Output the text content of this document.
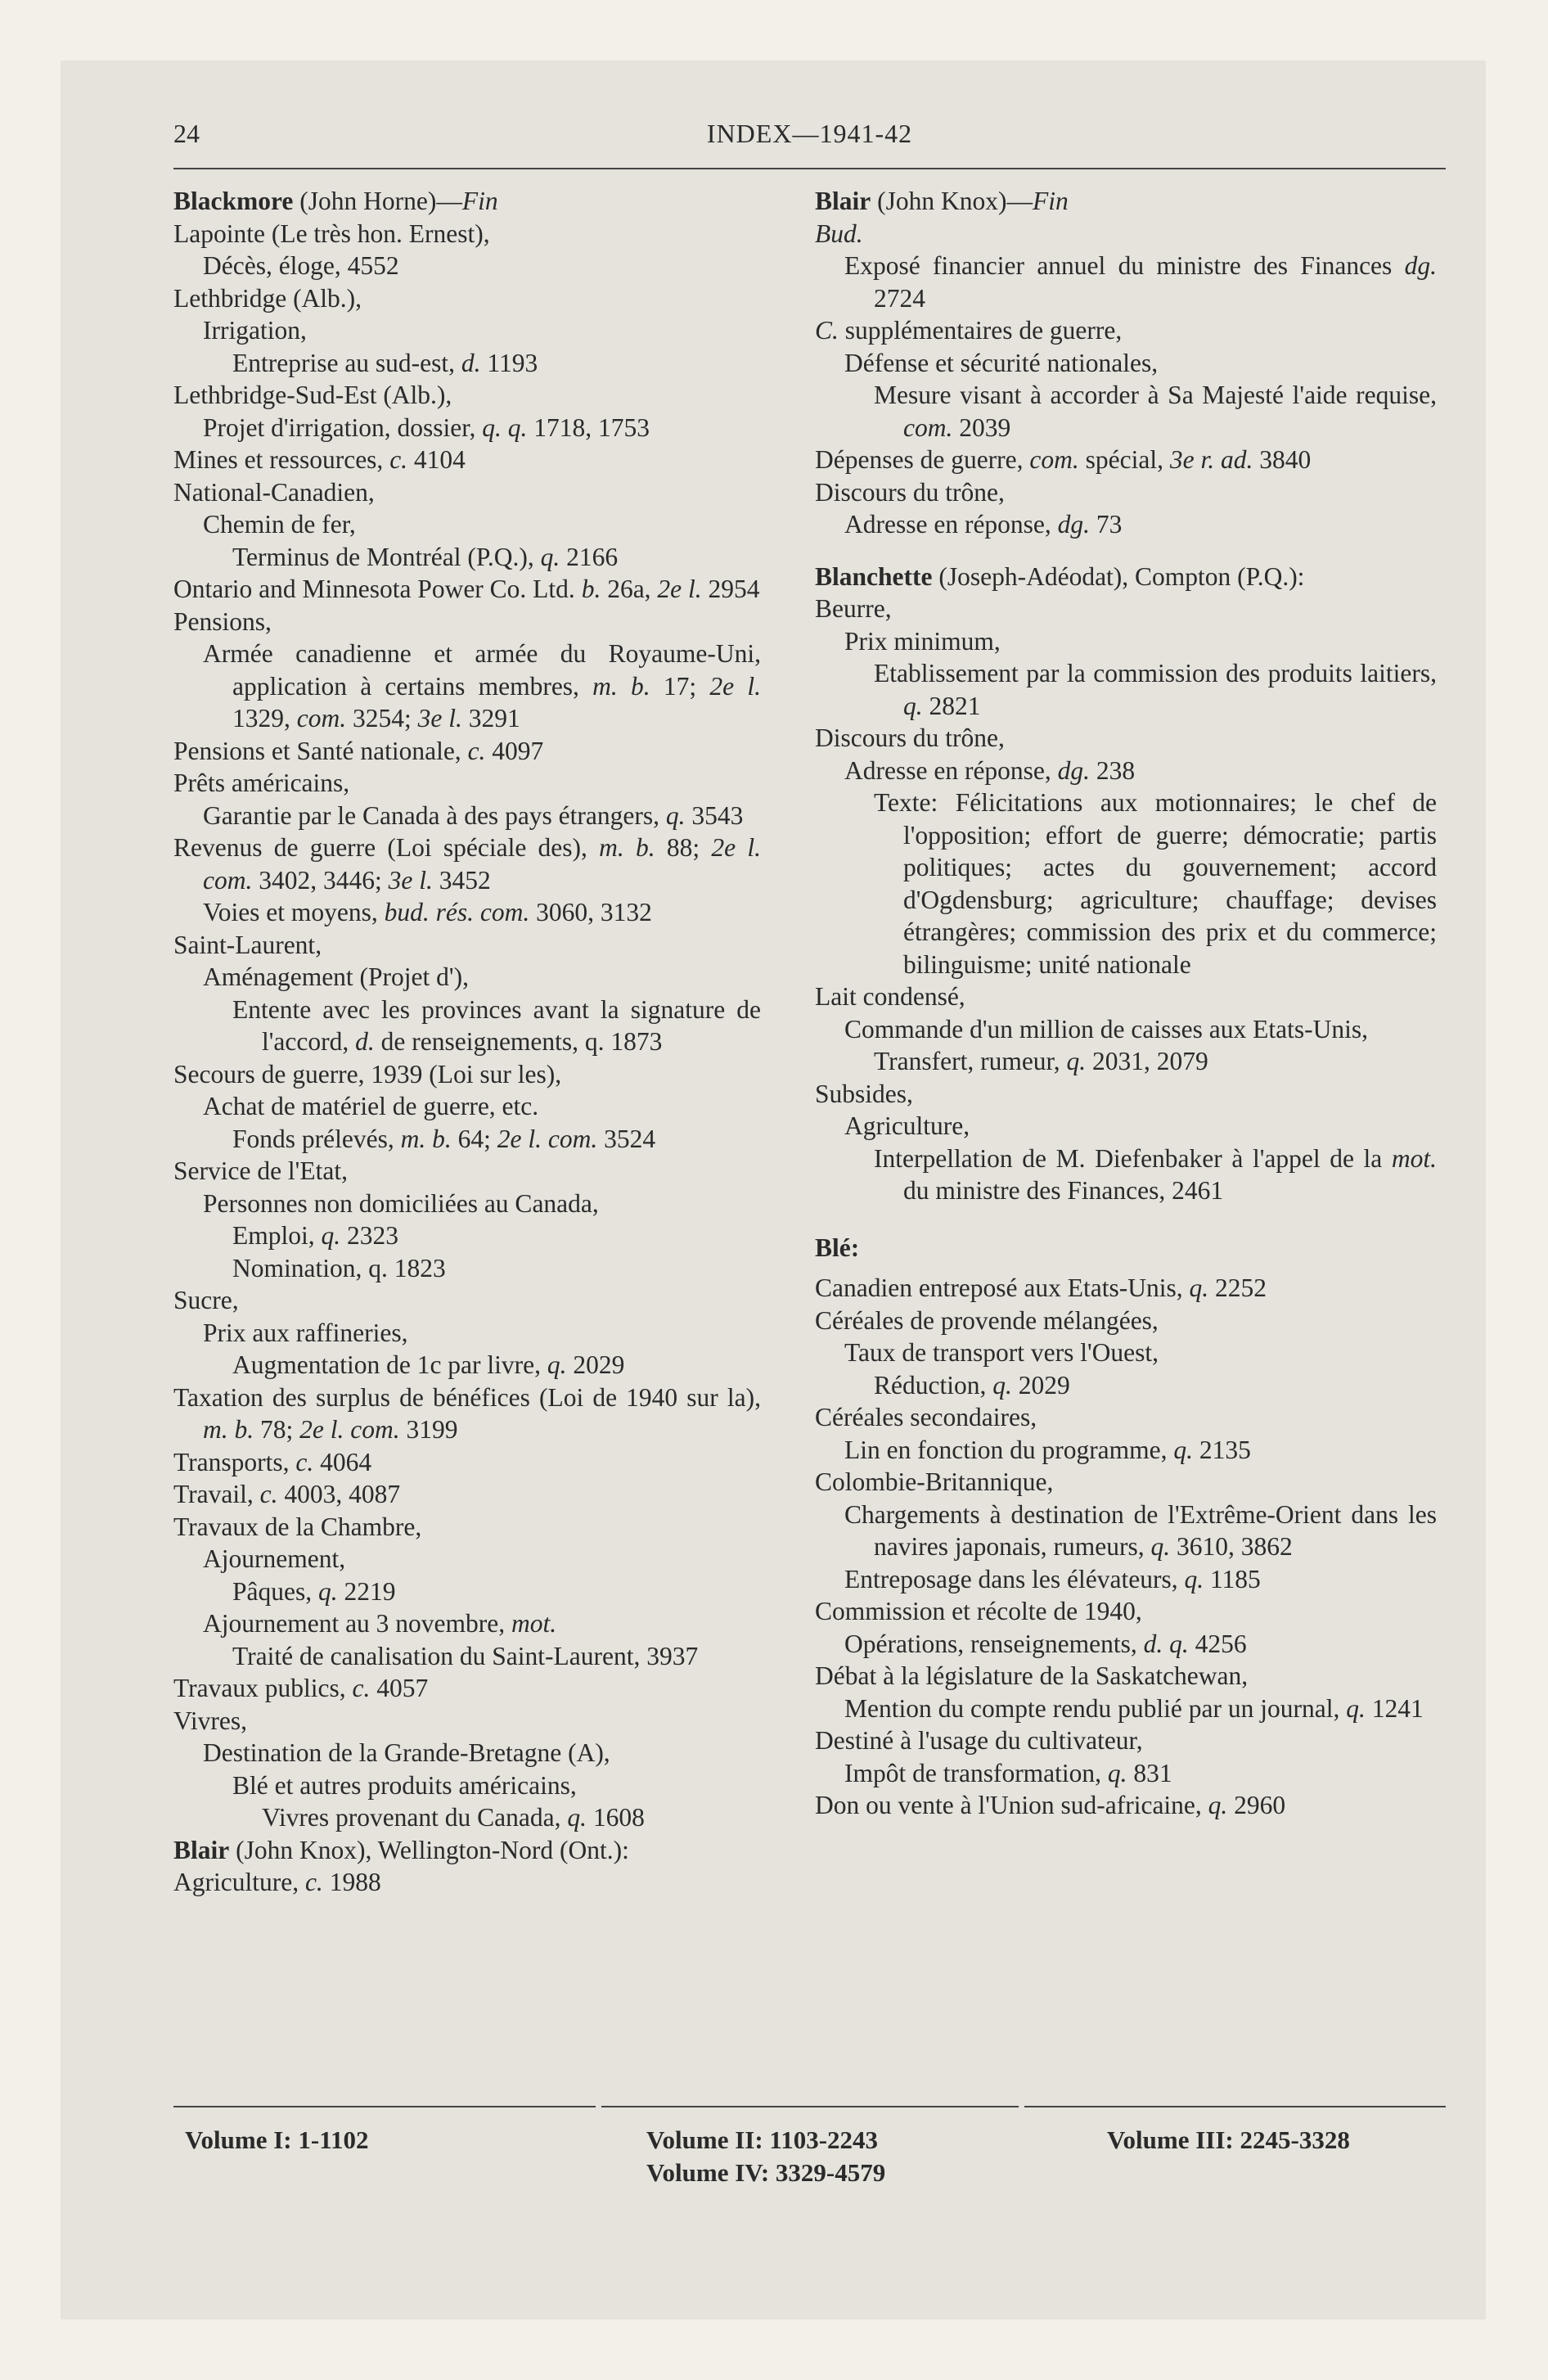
24	INDEX—1941-42

Blackmore (John Horne)—Fin

Lapointe (Le très hon. Ernest),

Décès, éloge, 4552

Lethbridge (Alb.),

Irrigation,

Entreprise au sud-est, d. 1193

Lethbridge-Sud-Est (Alb.),

Projet d'irrigation, dossier, q. q. 1718, 1753

Mines et ressources, c. 4104

National-Canadien,

Chemin de fer,

Terminus de Montréal (P.Q.), q. 2166

Ontario and Minnesota Power Co. Ltd. b. 26a, 2e l. 2954

Pensions,

Armée canadienne et armée du Royaume-Uni, application à certains membres, m. b. 17; 2e l. 1329, com. 3254; 3e l. 3291

Pensions et Santé nationale, c. 4097

Prêts américains,

Garantie par le Canada à des pays étrangers, q. 3543

Revenus de guerre (Loi spéciale des), m. b. 88; 2e l. com. 3402, 3446; 3e l. 3452

Voies et moyens, bud. rés. com. 3060, 3132

Saint-Laurent,

Aménagement (Projet d'),

Entente avec les provinces avant la signature de l'accord, d. de renseignements, q. 1873

Secours de guerre, 1939 (Loi sur les),

Achat de matériel de guerre, etc.

Fonds prélevés, m. b. 64; 2e l. com. 3524

Service de l'Etat,

Personnes non domiciliées au Canada,

Emploi, q. 2323

Nomination, q. 1823

Sucre,

Prix aux raffineries,

Augmentation de 1c par livre, q. 2029

Taxation des surplus de bénéfices (Loi de 1940 sur la), m. b. 78; 2e l. com. 3199

Transports, c. 4064

Travail, c. 4003, 4087

Travaux de la Chambre,

Ajournement,

Pâques, q. 2219

Ajournement au 3 novembre, mot.

Traité de canalisation du Saint-Laurent, 3937

Travaux publics, c. 4057

Vivres,

Destination de la Grande-Bretagne (A),

Blé et autres produits américains,

Vivres provenant du Canada, q. 1608

Blair (John Knox), Wellington-Nord (Ont.):

Agriculture, c. 1988

Blair (John Knox)—Fin

Bud.

Exposé financier annuel du ministre des Finances dg. 2724

C. supplémentaires de guerre,

Défense et sécurité nationales,

Mesure visant à accorder à Sa Majesté l'aide requise, com. 2039

Dépenses de guerre, com. spécial, 3e r. ad. 3840

Discours du trône,

Adresse en réponse, dg. 73

Blanchette (Joseph-Adéodat), Compton (P.Q.):

Beurre,

Prix minimum,

Etablissement par la commission des produits laitiers, q. 2821

Discours du trône,

Adresse en réponse, dg. 238

Texte: Félicitations aux motionnaires; le chef de l'opposition; effort de guerre; démocratie; partis politiques; actes du gouvernement; accord d'Ogdensburg; agriculture; chauffage; devises étrangères; commission des prix et du commerce; bilinguisme; unité nationale

Lait condensé,

Commande d'un million de caisses aux Etats-Unis,

Transfert, rumeur, q. 2031, 2079

Subsides,

Agriculture,

Interpellation de M. Diefenbaker à l'appel de la mot. du ministre des Finances, 2461

Blé:

Canadien entreposé aux Etats-Unis, q. 2252

Céréales de provende mélangées,

Taux de transport vers l'Ouest,

Réduction, q. 2029

Céréales secondaires,

Lin en fonction du programme, q. 2135

Colombie-Britannique,

Chargements à destination de l'Extrême-Orient dans les navires japonais, rumeurs, q. 3610, 3862

Entreposage dans les élévateurs, q. 1185

Commission et récolte de 1940,

Opérations, renseignements, d. q. 4256

Débat à la législature de la Saskatchewan,

Mention du compte rendu publié par un journal, q. 1241

Destiné à l'usage du cultivateur,

Impôt de transformation, q. 831

Don ou vente à l'Union sud-africaine, q. 2960

Volume I: 1-1102	Volume II: 1103-2243	Volume III: 2245-3328
Volume IV: 3329-4579
